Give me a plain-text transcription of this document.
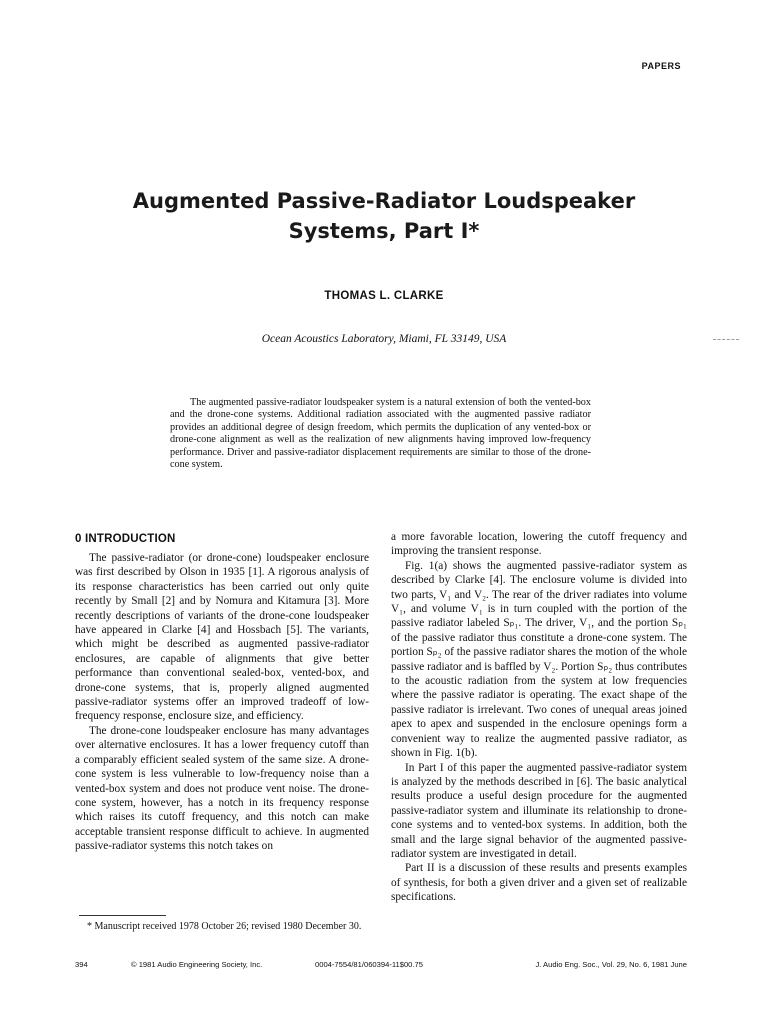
PAPERS
Augmented Passive-Radiator Loudspeaker
Systems, Part I*
THOMAS L. CLARKE
Ocean Acoustics Laboratory, Miami, FL 33149, USA
The augmented passive-radiator loudspeaker system is a natural extension of both the vented-box and the drone-cone systems. Additional radiation associated with the augmented passive radiator provides an additional degree of design freedom, which permits the duplication of any vented-box or drone-cone alignment as well as the realization of new alignments having improved low-frequency performance. Driver and passive-radiator displacement requirements are similar to those of the drone-cone system.
0 INTRODUCTION

The passive-radiator (or drone-cone) loudspeaker enclosure was first described by Olson in 1935 [1]. A rigorous analysis of its response characteristics has been carried out only quite recently by Small [2] and by Nomura and Kitamura [3]. More recently descriptions of variants of the drone-cone loudspeaker have appeared in Clarke [4] and Hossbach [5]. The variants, which might be described as augmented passive-radiator enclosures, are capable of alignments that give better performance than conventional sealed-box, vented-box, and drone-cone systems, that is, properly aligned augmented passive-radiator systems offer an improved tradeoff of low-frequency response, enclosure size, and efficiency.

The drone-cone loudspeaker enclosure has many advantages over alternative enclosures. It has a lower frequency cutoff than a comparably efficient sealed system of the same size. A drone-cone system is less vulnerable to low-frequency noise than a vented-box system and does not produce vent noise. The drone-cone system, however, has a notch in its frequency response which raises its cutoff frequency, and this notch can make acceptable transient response difficult to achieve. In augmented passive-radiator systems this notch takes on

a more favorable location, lowering the cutoff frequency and improving the transient response.

Fig. 1(a) shows the augmented passive-radiator system as described by Clarke [4]. The enclosure volume is divided into two parts, V₁ and V₂. The rear of the driver radiates into volume V₁, and volume V₁ is in turn coupled with the portion of the passive radiator labeled Sₚ₁. The driver, V₁, and the portion Sₚ₁ of the passive radiator thus constitute a drone-cone system. The portion Sₚ₂ of the passive radiator shares the motion of the whole passive radiator and is baffled by V₂. Portion Sₚ₂ thus contributes to the acoustic radiation from the system at low frequencies where the passive radiator is operating. The exact shape of the passive radiator is irrelevant. Two cones of unequal areas joined apex to apex and suspended in the enclosure openings form a convenient way to realize the augmented passive radiator, as shown in Fig. 1(b).

In Part I of this paper the augmented passive-radiator system is analyzed by the methods described in [6]. The basic analytical results produce a useful design procedure for the augmented passive-radiator system and illuminate its relationship to drone-cone systems and to vented-box systems. In addition, both the small and the large signal behavior of the augmented passive-radiator system are investigated in detail.

Part II is a discussion of these results and presents examples of synthesis, for both a given driver and a given set of realizable specifications.

* Manuscript received 1978 October 26; revised 1980 December 30.
394	© 1981 Audio Engineering Society, Inc.	0004-7554/81/060394-11$00.75	J. Audio Eng. Soc., Vol. 29, No. 6, 1981 June
